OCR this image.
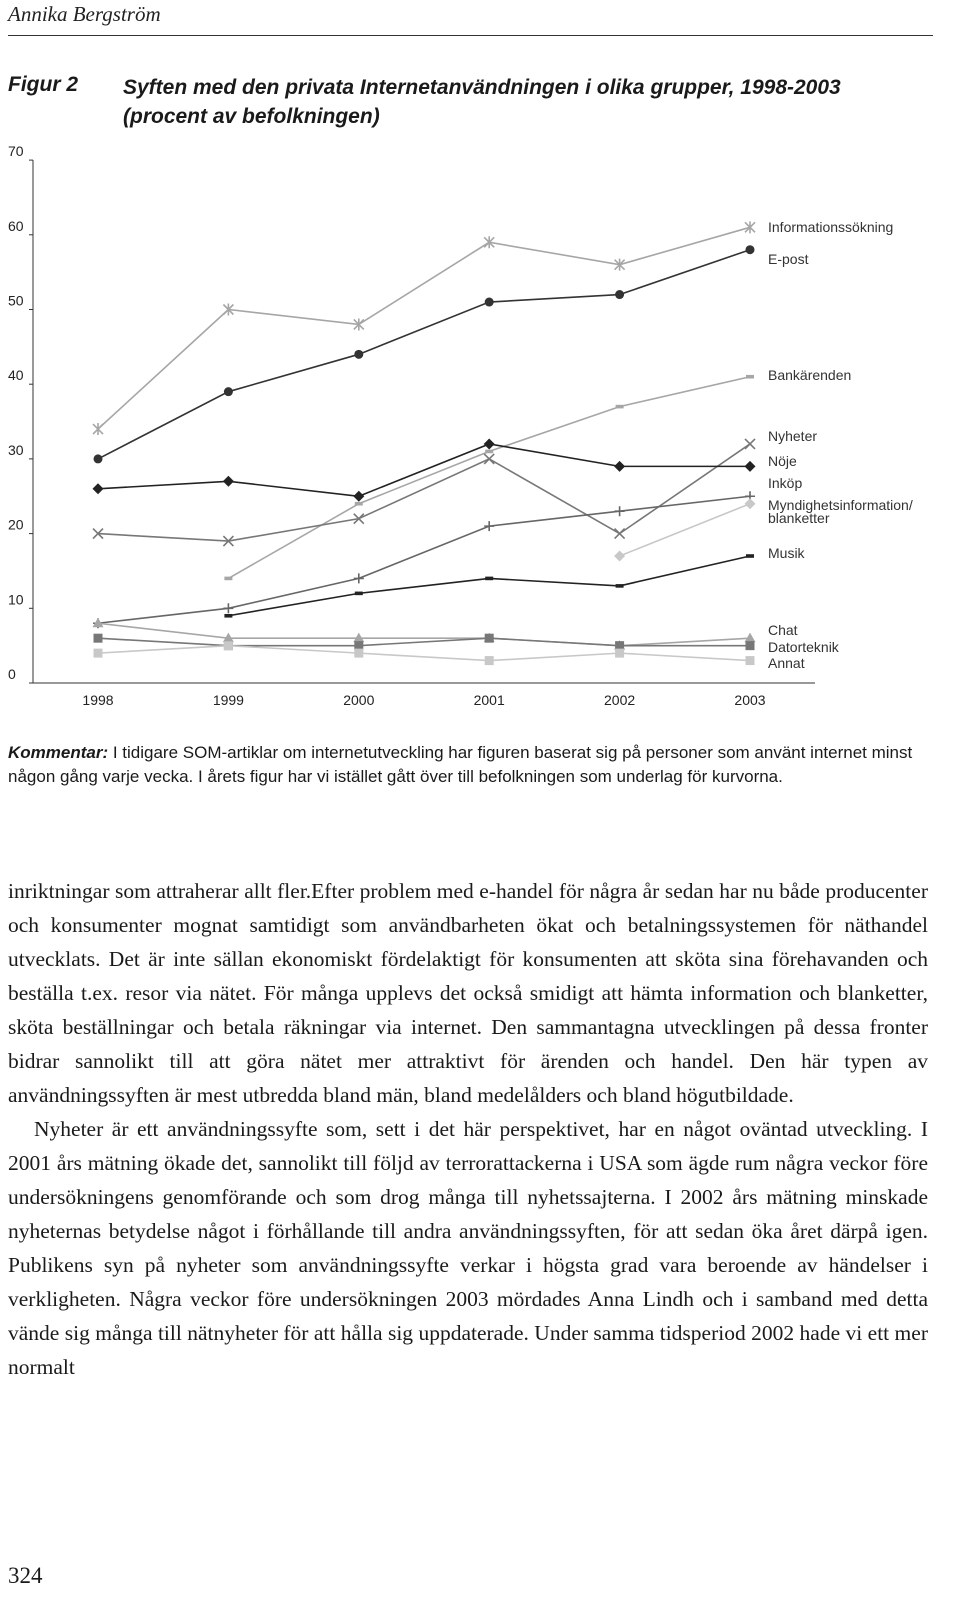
Annika Bergström
Figur 2 Syften med den privata Internetanvändningen i olika grupper, 1998-2003 (procent av befolkningen)
0
10
20
30
40
50
60
70
1998	1999	2000	2001	2002	2003
Informationssökning
E-post
Bankärenden
Nyheter
Nöje
Inköp
Myndighetsinformation/ blanketter
Musik
Chat
Datorteknik
Annat
Kommentar: I tidigare SOM-artiklar om internetutveckling har figuren baserat sig på personer som använt internet minst någon gång varje vecka. I årets figur har vi istället gått över till befolkningen som underlag för kurvorna.

inriktningar som attraherar allt fler.Efter problem med e-handel för några år sedan har nu både producenter och konsumenter mognat samtidigt som användbarheten ökat och betalningssystemen för näthandel utvecklats. Det är inte sällan ekonomiskt fördelaktigt för konsumenten att sköta sina förehavanden och beställa t.ex. resor via nätet. För många upplevs det också smidigt att hämta information och blanketter, sköta beställningar och betala räkningar via internet. Den sammantagna utvecklingen på dessa fronter bidrar sannolikt till att göra nätet mer attraktivt för ärenden och handel. Den här typen av användningssyften är mest utbredda bland män, bland medelålders och bland högutbildade.

Nyheter är ett användningssyfte som, sett i det här perspektivet, har en något oväntad utveckling. I 2001 års mätning ökade det, sannolikt till följd av terrorattackerna i USA som ägde rum några veckor före undersökningens genomförande och som drog många till nyhetssajterna. I 2002 års mätning minskade nyheternas betydelse något i förhållande till andra användningssyften, för att sedan öka året därpå igen. Publikens syn på nyheter som användningssyfte verkar i högsta grad vara beroende av händelser i verkligheten. Några veckor före undersökningen 2003 mördades Anna Lindh och i samband med detta vände sig många till nätnyheter för att hålla sig uppdaterade. Under samma tidsperiod 2002 hade vi ett mer normalt

324
